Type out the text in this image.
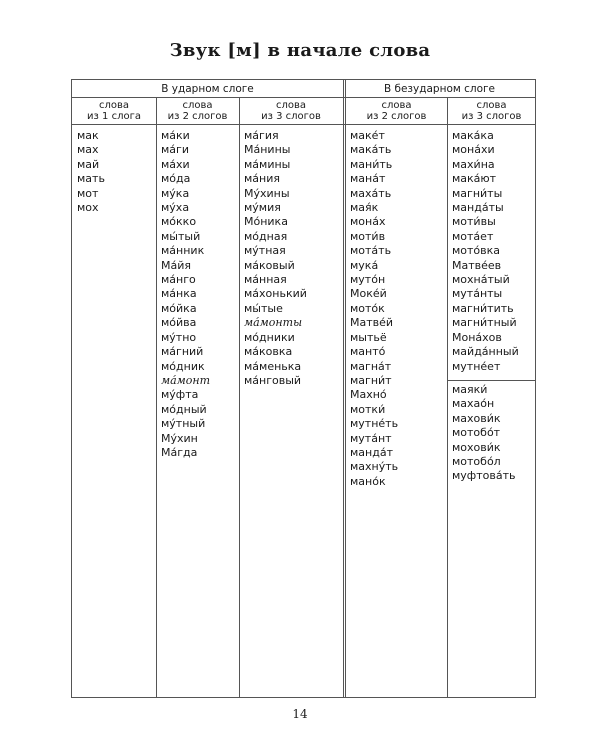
Звук [м] в начале слова
В ударном слоге	В безударном слоге
слова
из 1 слога
слова
из 2 слогов
слова
из 3 слогов
слова
из 2 слогов
слова
из 3 слогов
мак
мах
май
мать
мот
мох
ма́ки
ма́ги
ма́хи
мо́да
му́ка
му́ха
мо́кко
мы́тый
ма́нник
Ма́йя
ма́нго
ма́нка
мо́йка
мо́йва
му́тно
ма́гний
мо́дник
ма́монт
му́фта
мо́дный
му́тный
Му́хин
Ма́гда
ма́гия
Ма́нины
ма́мины
ма́ния
Му́хины
му́мия
Мо́ника
мо́дная
му́тная
ма́ковый
ма́нная
ма́хонький
мы́тые
ма́монты
мо́дники
ма́ковка
ма́менька
ма́нговый
маке́т
мака́ть
мани́ть
мана́т
маха́ть
мая́к
мона́х
моти́в
мота́ть
мука́
муто́н
Моке́й
мото́к
Матве́й
мытьё
манто́
магна́т
магни́т
Махно́
мотки́
мутне́ть
мута́нт
манда́т
махну́ть
мано́к
мака́ка
мона́хи
махи́на
мака́ют
магни́ты
манда́ты
моти́вы
мота́ет
мото́вка
Матве́ев
мохна́тый
мута́нты
магни́тить
магни́тный
Мона́хов
майда́нный
мутне́ет
маяки́
махао́н
махови́к
мотобо́т
мохови́к
мотобо́л
муфтова́ть
14
